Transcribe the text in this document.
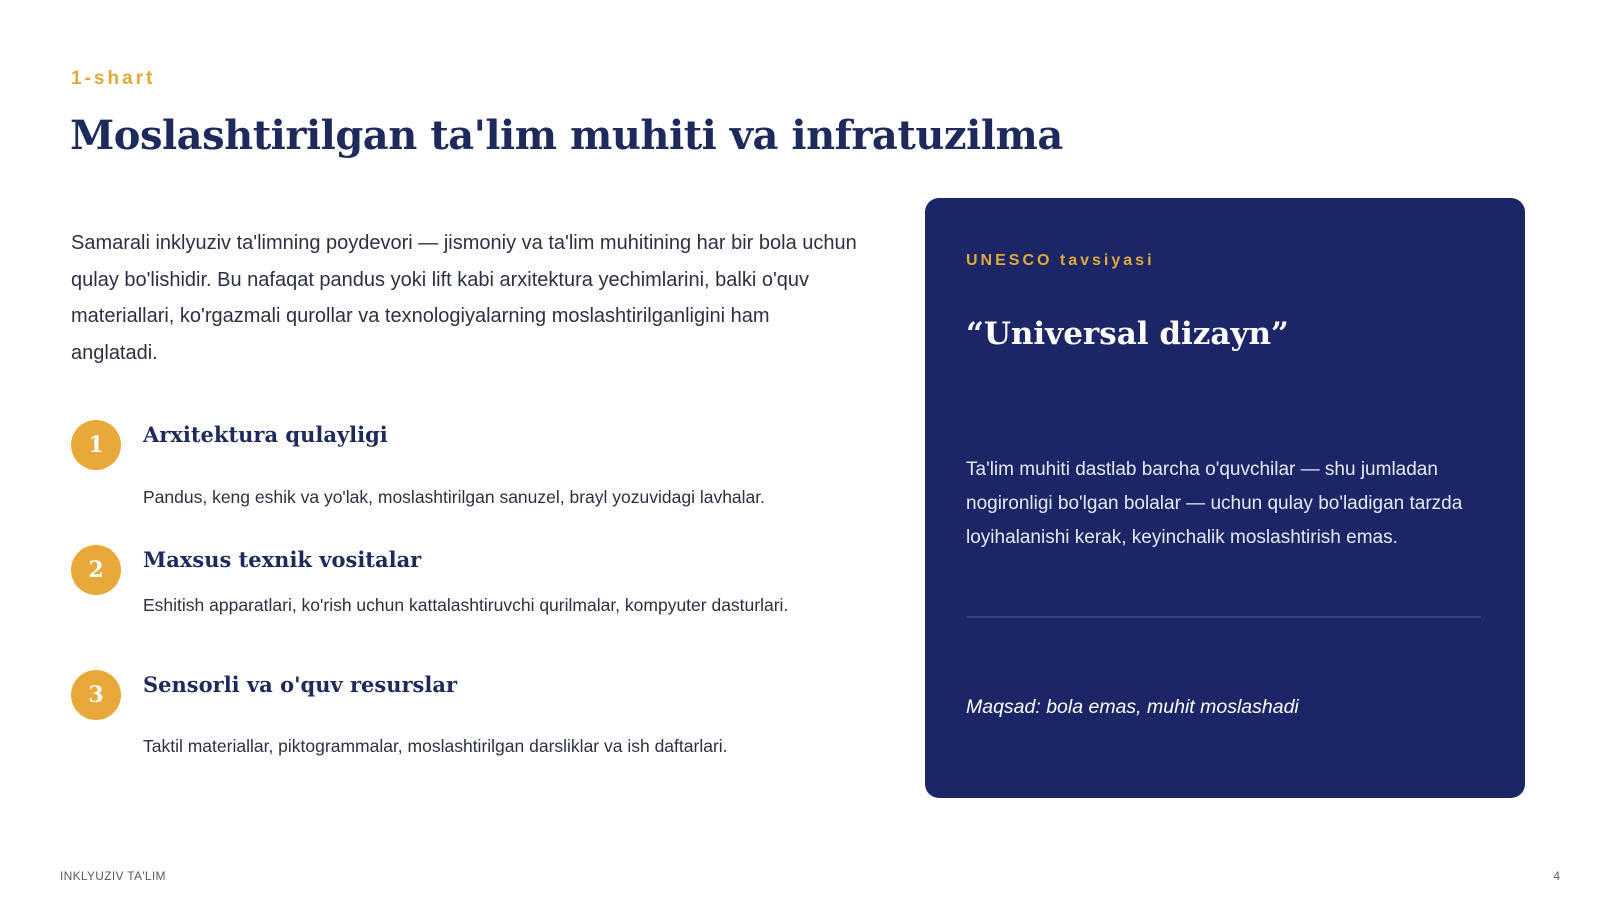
1-shart
Moslashtirilgan ta'lim muhiti va infratuzilma
Samarali inklyuziv ta'limning poydevori — jismoniy va ta'lim muhitining har bir bola uchun qulay bo'lishidir. Bu nafaqat pandus yoki lift kabi arxitektura yechimlarini, balki o'quv materiallari, ko'rgazmali qurollar va texnologiyalarning moslashtirilganligini ham anglatadi.
1	Arxitektura qulayligi
Pandus, keng eshik va yo'lak, moslashtirilgan sanuzel, brayl yozuvidagi lavhalar.
2	Maxsus texnik vositalar
Eshitish apparatlari, ko'rish uchun kattalashtiruvchi qurilmalar, kompyuter dasturlari.
3	Sensorli va o'quv resurslar
Taktil materiallar, piktogrammalar, moslashtirilgan darsliklar va ish daftarlari.
UNESCO tavsiyasi
“Universal dizayn”
Ta'lim muhiti dastlab barcha o'quvchilar — shu jumladan nogironligi bo'lgan bolalar — uchun qulay bo'ladigan tarzda loyihalanishi kerak, keyinchalik moslashtirish emas.
Maqsad: bola emas, muhit moslashadi
INKLYUZIV TA'LIM	4
